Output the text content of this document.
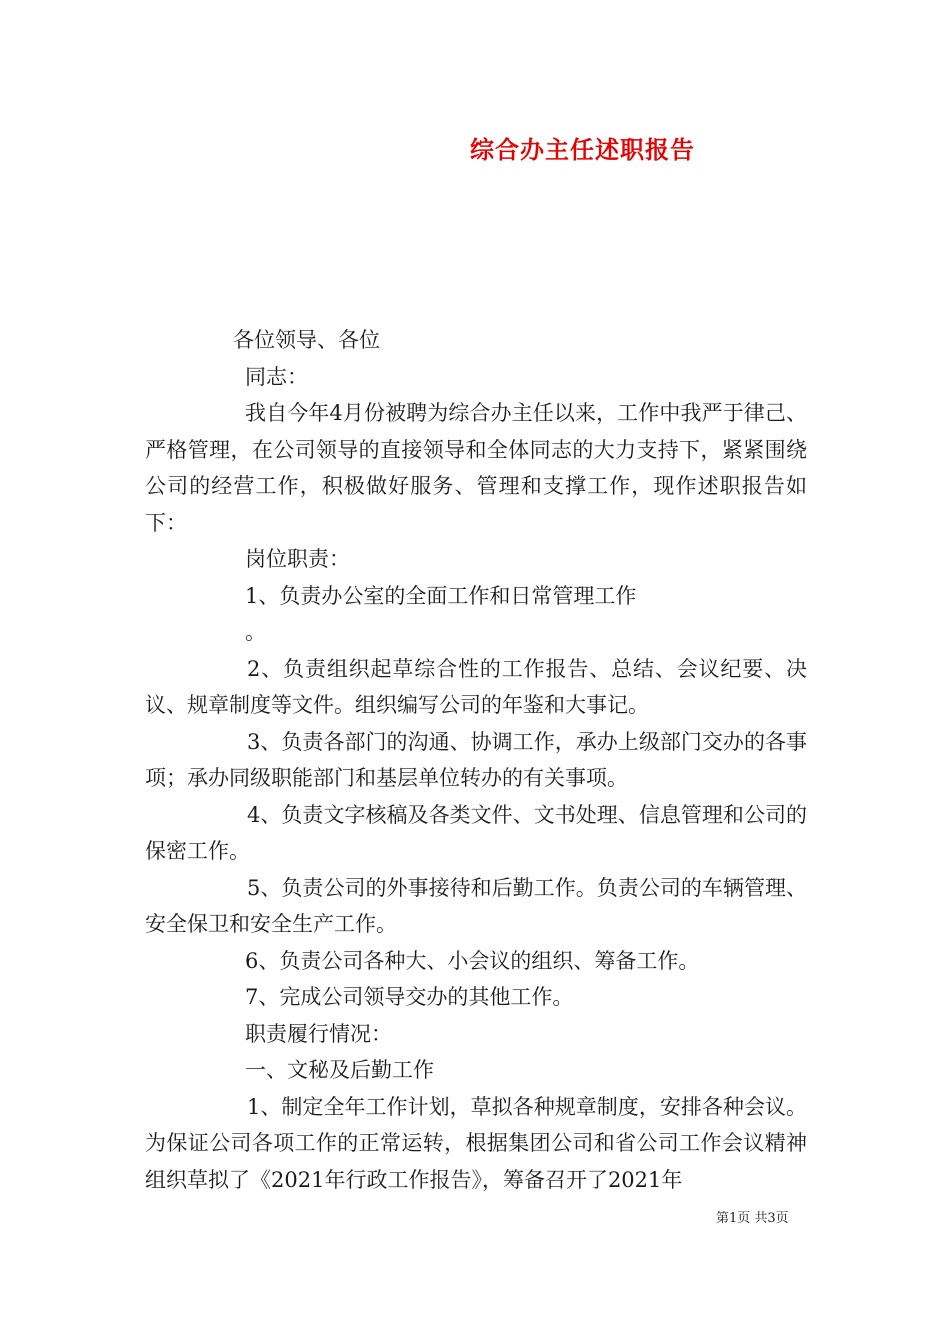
综合办主任述职报告

各位领导、各位

同志：

我自今年4月份被聘为综合办主任以来，工作中我严于律己、严格管理，在公司领导的直接领导和全体同志的大力支持下，紧紧围绕公司的经营工作，积极做好服务、管理和支撑工作，现作述职报告如下：

岗位职责：

1、负责办公室的全面工作和日常管理工作

。

2、负责组织起草综合性的工作报告、总结、会议纪要、决议、规章制度等文件。组织编写公司的年鉴和大事记。

3、负责各部门的沟通、协调工作，承办上级部门交办的各事项；承办同级职能部门和基层单位转办的有关事项。

4、负责文字核稿及各类文件、文书处理、信息管理和公司的保密工作。

5、负责公司的外事接待和后勤工作。负责公司的车辆管理、安全保卫和安全生产工作。

6、负责公司各种大、小会议的组织、筹备工作。

7、完成公司领导交办的其他工作。

职责履行情况：

一、文秘及后勤工作

1、制定全年工作计划，草拟各种规章制度，安排各种会议。为保证公司各项工作的正常运转，根据集团公司和省公司工作会议精神组织草拟了《2021年行政工作报告》，筹备召开了2021年

第1页 共3页
